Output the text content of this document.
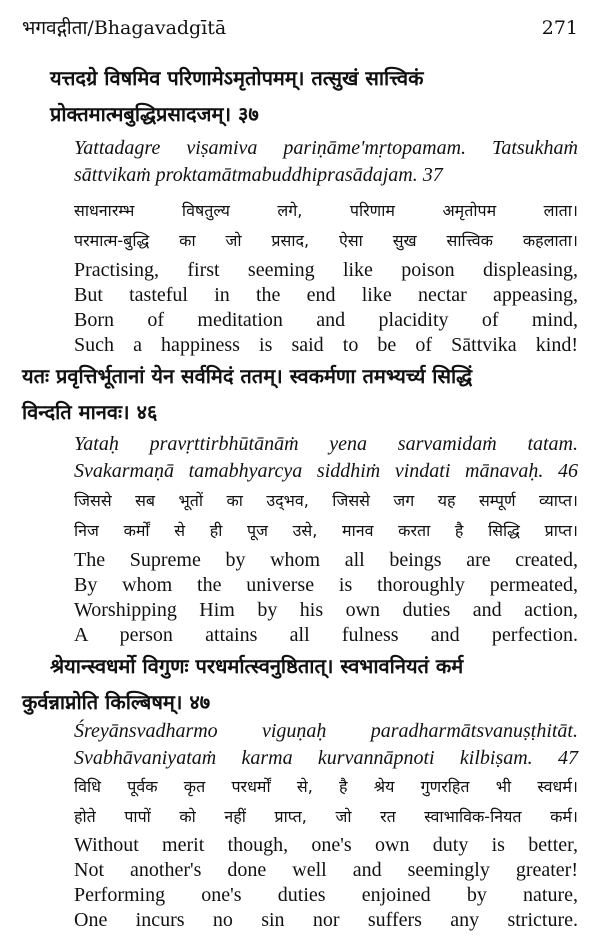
भगवद्गीता/Bhagavadgītā	271
यत्तदग्रे विषमिव परिणामेऽमृतोपमम्। तत्सुखं सात्त्विकं
प्रोक्तमात्मबुद्धिप्रसादजम्। ३७
Yattadagre viṣamiva pariṇāme'mṛtopamam. Tatsukhaṁ
sāttvikaṁ proktamātmabuddhiprasādajam. 37
साधनारम्भ विषतुल्य लगे, परिणाम अमृतोपम लाता।
परमात्म-बुद्धि का जो प्रसाद, ऐसा सुख सात्त्विक कहलाता।
Practising, first seeming like poison displeasing,
But tasteful in the end like nectar appeasing,
Born of meditation and placidity of mind,
Such a happiness is said to be of Sāttvika kind!
यतः प्रवृत्तिर्भूतानां येन सर्वमिदं ततम्। स्वकर्मणा तमभ्यर्च्य सिद्धिं
विन्दति मानवः। ४६
Yataḥ pravṛttirbhūtānāṁ yena sarvamidaṁ tatam.
Svakarmaṇā tamabhyarcya siddhiṁ vindati mānavaḥ. 46
जिससे सब भूतों का उद्‌भव, जिससे जग यह सम्पूर्ण व्याप्त।
निज कर्मों से ही पूज उसे, मानव करता है सिद्धि प्राप्त।
The Supreme by whom all beings are created,
By whom the universe is thoroughly permeated,
Worshipping Him by his own duties and action,
A person attains all fulness and perfection.
श्रेयान्स्वधर्मो विगुणः परधर्मात्स्वनुष्ठितात्। स्वभावनियतं कर्म
कुर्वन्नाप्नोति किल्बिषम्। ४७
Śreyānsvadharmo viguṇaḥ paradharmātsvanuṣṭhitāt.
Svabhāvaniyataṁ karma kurvannāpnoti kilbiṣam. 47
विधि पूर्वक कृत परधर्मों से, है श्रेय गुणरहित भी स्वधर्म।
होते पापों को नहीं प्राप्त, जो रत स्वाभाविक-नियत कर्म।
Without merit though, one's own duty is better,
Not another's done well and seemingly greater!
Performing one's duties enjoined by nature,
One incurs no sin nor suffers any stricture.
